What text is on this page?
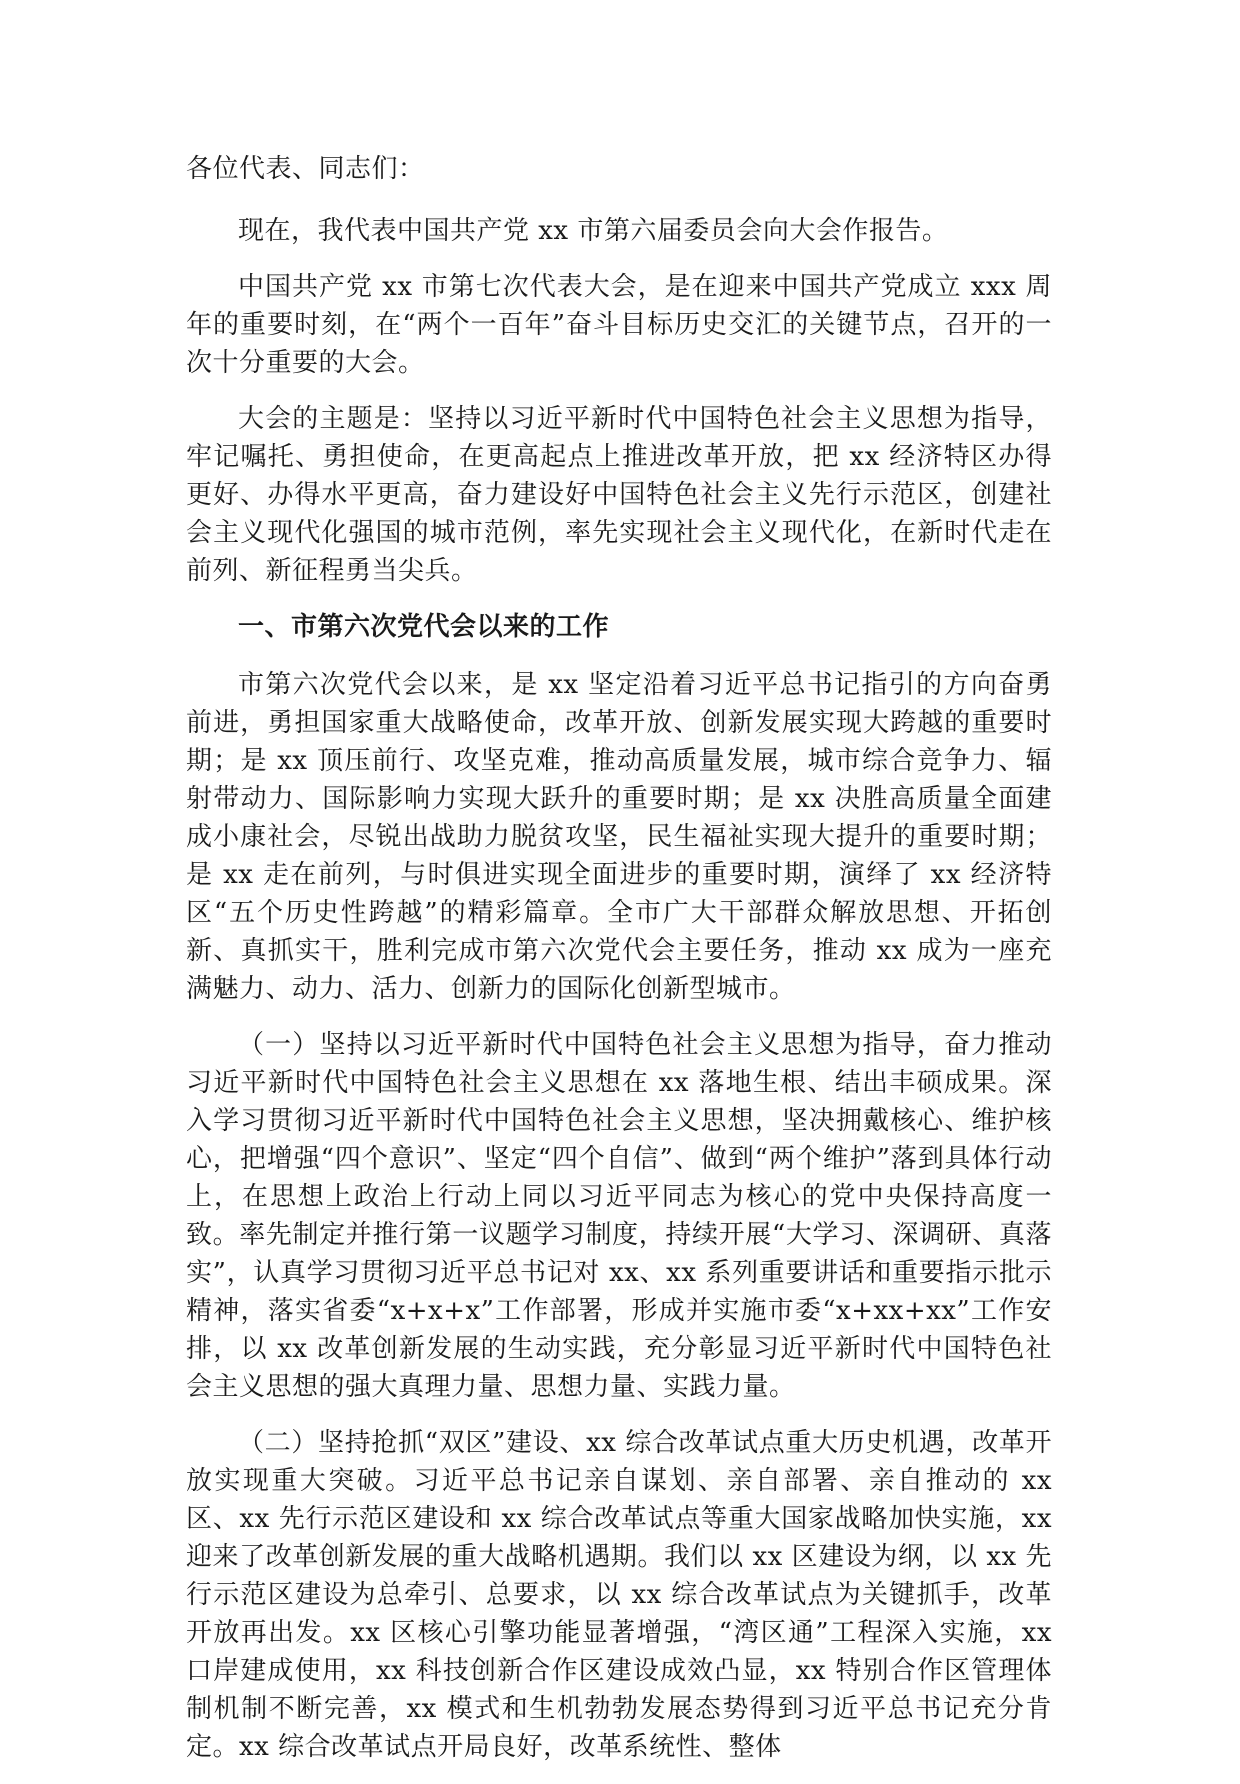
各位代表、同志们：

现在，我代表中国共产党 xx 市第六届委员会向大会作报告。

中国共产党 xx 市第七次代表大会，是在迎来中国共产党成立 xxx 周年的重要时刻，在“两个一百年”奋斗目标历史交汇的关键节点，召开的一次十分重要的大会。

大会的主题是：坚持以习近平新时代中国特色社会主义思想为指导，牢记嘱托、勇担使命，在更高起点上推进改革开放，把 xx 经济特区办得更好、办得水平更高，奋力建设好中国特色社会主义先行示范区，创建社会主义现代化强国的城市范例，率先实现社会主义现代化，在新时代走在前列、新征程勇当尖兵。

一、市第六次党代会以来的工作

市第六次党代会以来，是 xx 坚定沿着习近平总书记指引的方向奋勇前进，勇担国家重大战略使命，改革开放、创新发展实现大跨越的重要时期；是 xx 顶压前行、攻坚克难，推动高质量发展，城市综合竞争力、辐射带动力、国际影响力实现大跃升的重要时期；是 xx 决胜高质量全面建成小康社会，尽锐出战助力脱贫攻坚，民生福祉实现大提升的重要时期；是 xx 走在前列，与时俱进实现全面进步的重要时期，演绎了 xx 经济特区“五个历史性跨越”的精彩篇章。全市广大干部群众解放思想、开拓创新、真抓实干，胜利完成市第六次党代会主要任务，推动 xx 成为一座充满魅力、动力、活力、创新力的国际化创新型城市。

（一）坚持以习近平新时代中国特色社会主义思想为指导，奋力推动习近平新时代中国特色社会主义思想在 xx 落地生根、结出丰硕成果。深入学习贯彻习近平新时代中国特色社会主义思想，坚决拥戴核心、维护核心，把增强“四个意识”、坚定“四个自信”、做到“两个维护”落到具体行动上，在思想上政治上行动上同以习近平同志为核心的党中央保持高度一致。率先制定并推行第一议题学习制度，持续开展“大学习、深调研、真落实”，认真学习贯彻习近平总书记对 xx、xx 系列重要讲话和重要指示批示精神，落实省委“x+x+x”工作部署，形成并实施市委“x+xx+xx”工作安排，以 xx 改革创新发展的生动实践，充分彰显习近平新时代中国特色社会主义思想的强大真理力量、思想力量、实践力量。

（二）坚持抢抓“双区”建设、xx 综合改革试点重大历史机遇，改革开放实现重大突破。习近平总书记亲自谋划、亲自部署、亲自推动的 xx 区、xx 先行示范区建设和 xx 综合改革试点等重大国家战略加快实施，xx 迎来了改革创新发展的重大战略机遇期。我们以 xx 区建设为纲，以 xx 先行示范区建设为总牵引、总要求，以 xx 综合改革试点为关键抓手，改革开放再出发。xx 区核心引擎功能显著增强，“湾区通”工程深入实施，xx 口岸建成使用，xx 科技创新合作区建设成效凸显，xx 特别合作区管理体制机制不断完善，xx 模式和生机勃勃发展态势得到习近平总书记充分肯定。xx 综合改革试点开局良好，改革系统性、整体
